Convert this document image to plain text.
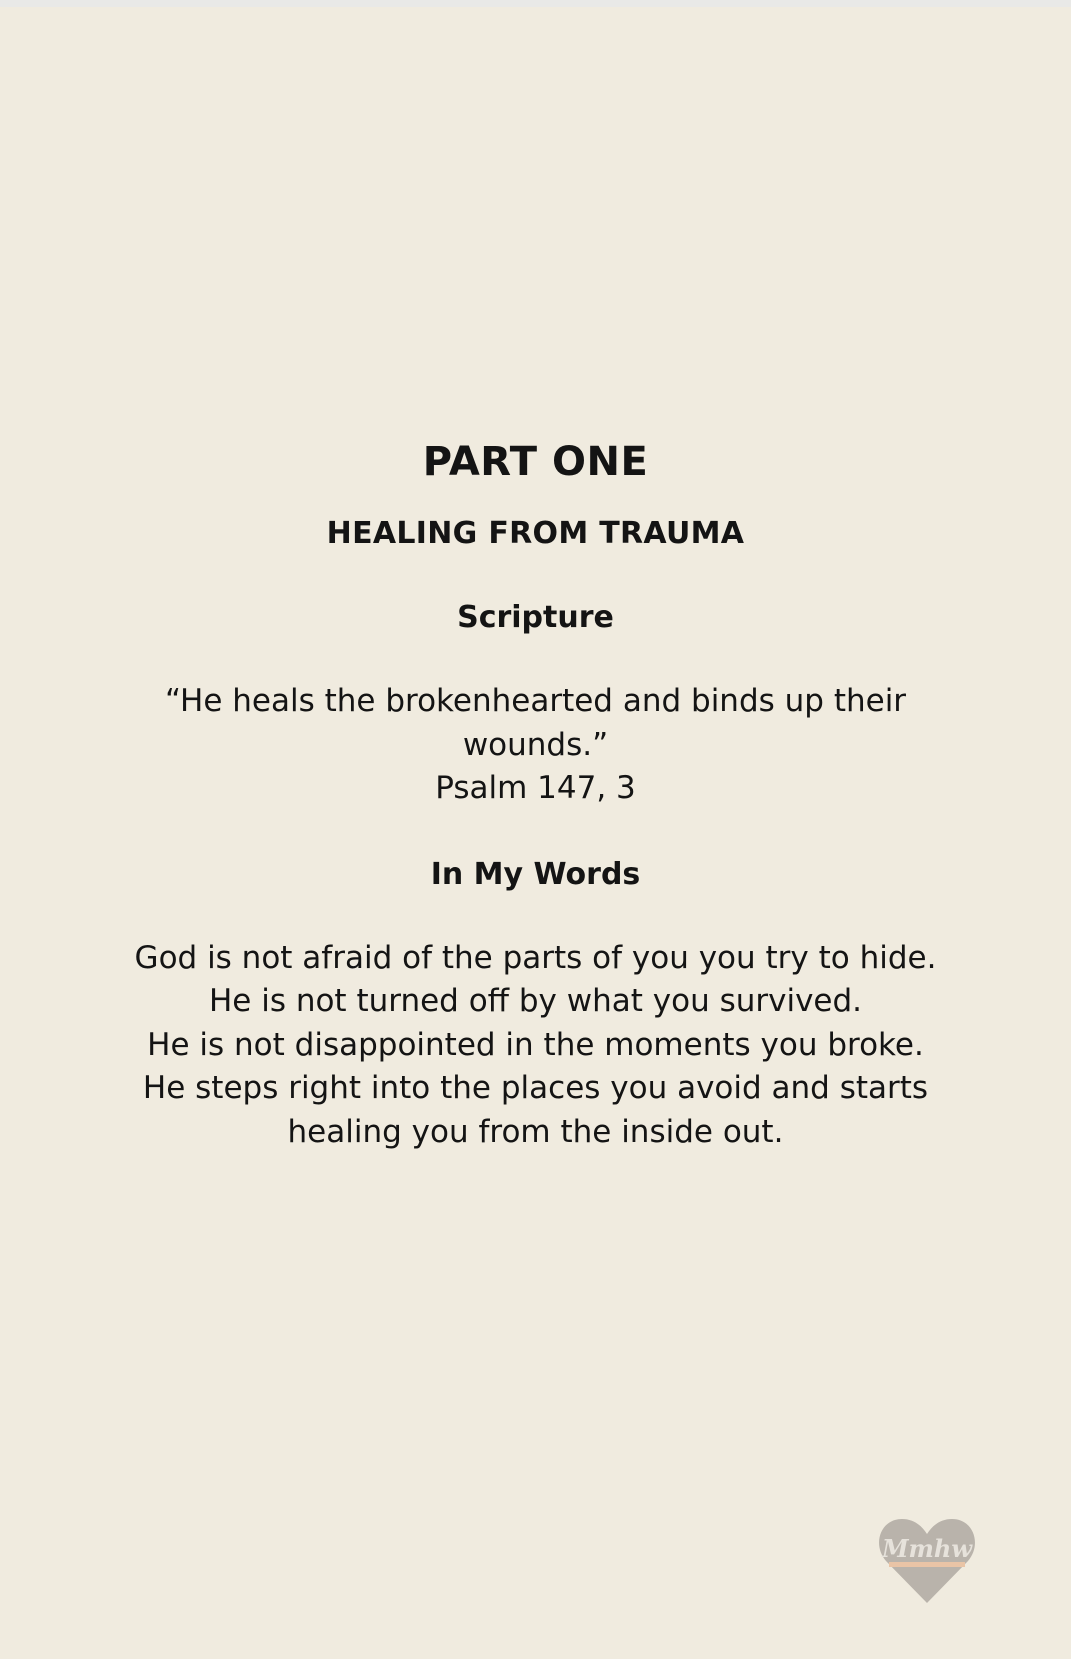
PART ONE
HEALING FROM TRAUMA
Scripture

“He heals the brokenhearted and binds up their wounds.”

Psalm 147, 3

In My Words

God is not afraid of the parts of you you try to hide.
He is not turned off by what you survived.
He is not disappointed in the moments you broke.
He steps right into the places you avoid and starts healing you from the inside out.

Mmhw
